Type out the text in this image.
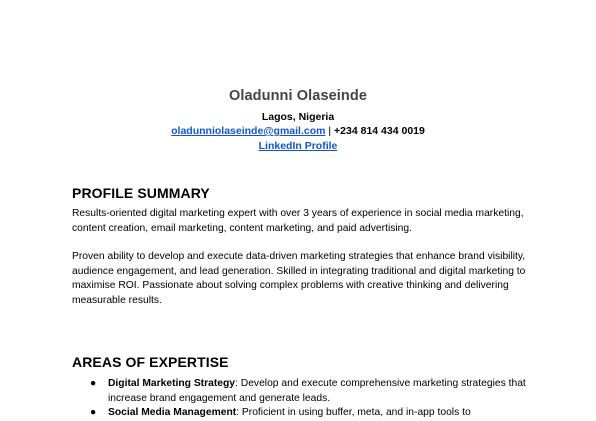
Oladunni Olaseinde
Lagos, Nigeria
oladunniolaseinde@gmail.com | +234 814 434 0019
LinkedIn Profile
PROFILE SUMMARY
Results-oriented digital marketing expert with over 3 years of experience in social media marketing, content creation, email marketing, content marketing, and paid advertising.
Proven ability to develop and execute data-driven marketing strategies that enhance brand visibility, audience engagement, and lead generation. Skilled in integrating traditional and digital marketing to maximise ROI. Passionate about solving complex problems with creative thinking and delivering measurable results.
AREAS OF EXPERTISE
● Digital Marketing Strategy: Develop and execute comprehensive marketing strategies that increase brand engagement and generate leads.
● Social Media Management: Proficient in using buffer, meta, and in-app tools to
